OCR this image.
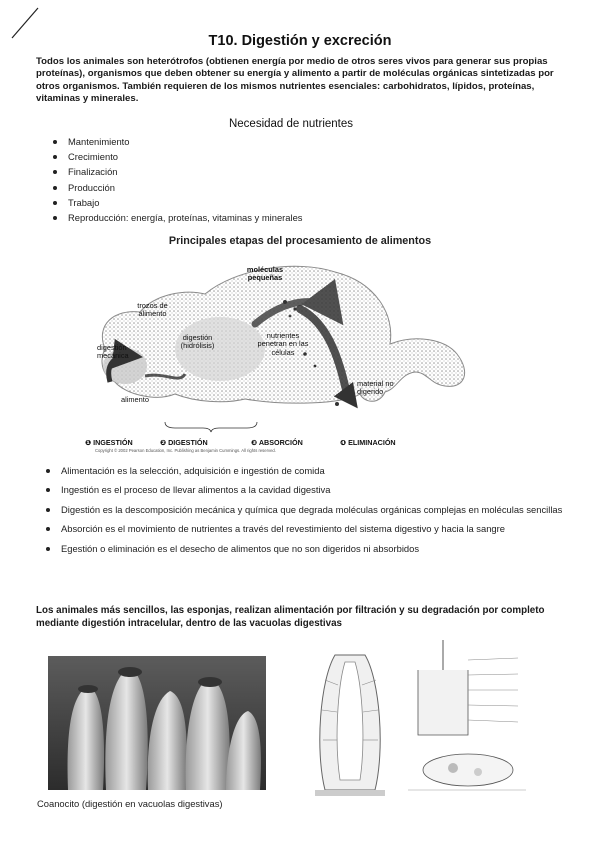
T10. Digestión y excreción
Todos los animales son heterótrofos (obtienen energía por medio de otros seres vivos para generar sus propias proteínas), organismos que deben obtener su energía y alimento a partir de moléculas orgánicas sintetizadas por otros organismos. También requieren de los mismos nutrientes esenciales: carbohidratos, lípidos, proteínas, vitaminas y minerales.
Necesidad de nutrientes
Mantenimiento
Crecimiento
Finalización
Producción
Trabajo
Reproducción: energía, proteínas, vitaminas y minerales
Principales etapas del procesamiento de alimentos
moléculas pequeñas
trozos de alimento
digestión mecánica
digestión (hidrólisis)
nutrientes penetran en las células
material no digerido
alimento
❶ INGESTIÓN	❷ DIGESTIÓN	❸ ABSORCIÓN	❹ ELIMINACIÓN
Copyright © 2002 Pearson Education, Inc. Publishing as Benjamin Cummings. All rights reserved.
Alimentación es la selección, adquisición e ingestión de comida
Ingestión es el proceso de llevar alimentos a la cavidad digestiva
Digestión es la descomposición mecánica y química que degrada moléculas orgánicas complejas en moléculas sencillas
Absorción es el movimiento de nutrientes a través del revestimiento del sistema digestivo y hacia la sangre
Egestión o eliminación es el desecho de alimentos que no son digeridos ni absorbidos
Los animales más sencillos, las esponjas, realizan alimentación por filtración y su degradación por completo mediante digestión intracelular, dentro de las vacuolas digestivas
Coanocito (digestión en vacuolas digestivas)
